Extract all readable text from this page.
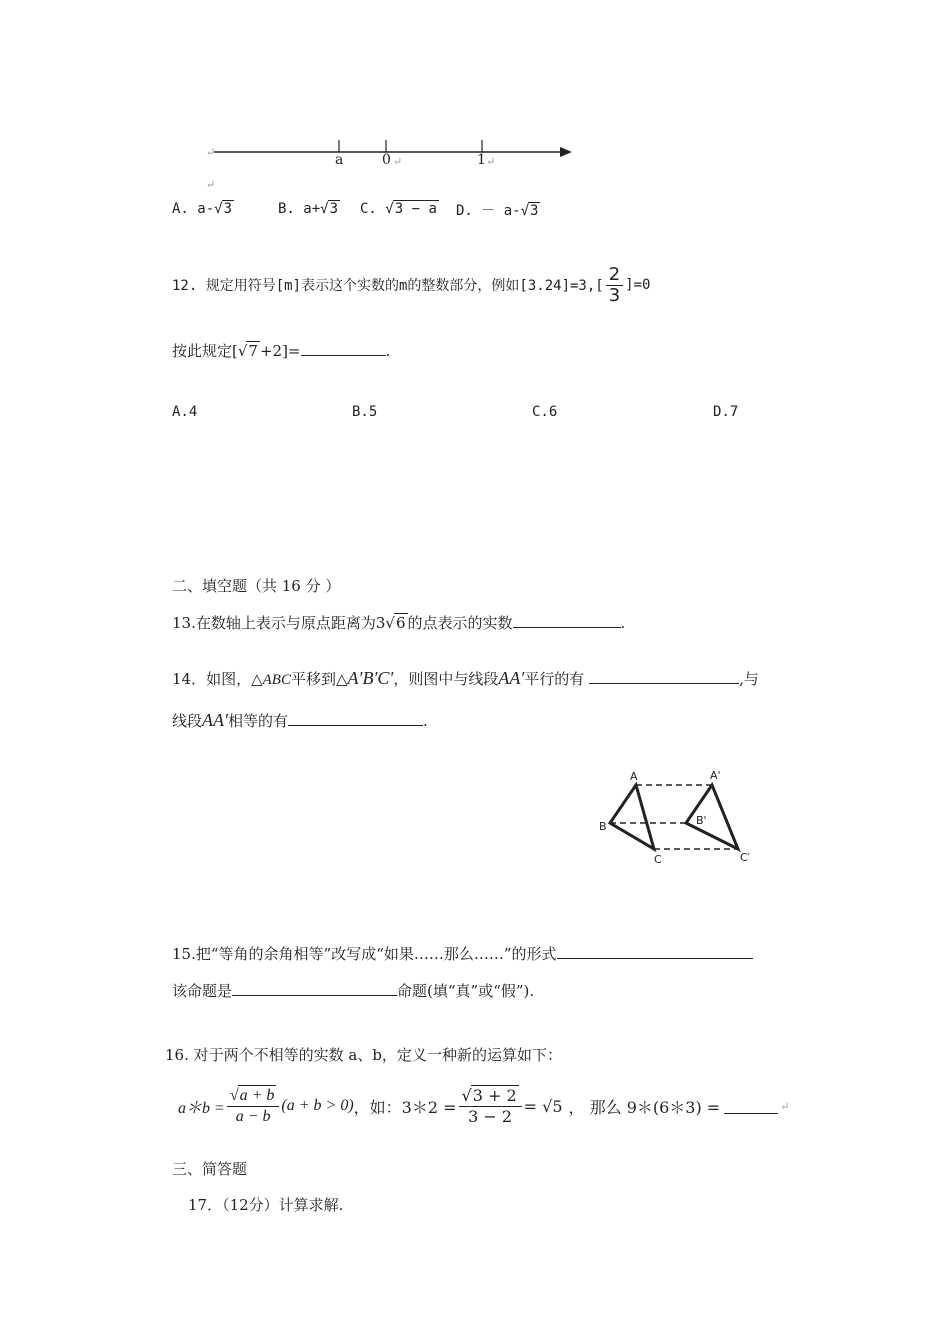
↵	a	0 ↵	1 ↵
↵
A. a-√3	B. a+√3 C. √3 − a D. － a-√3
12. 规定用符号[m]表示这个实数的m的整数部分，例如$[3.24]=3,[ \frac{2}{3} ]=0$
按此规定[√7 +2]=	.
A.4	B.5	C.6	D.7
二、填空题（共 16 分 ）
13.在数轴上表示与原点距离为3√6 的点表示的实数	.
14．如图，△ABC平移到△A′B′C′，则图中与线段AA′平行的有	,与
线段AA′相等的有	.
A
B
C
A'
B'
C′
15.把“等角的余角相等”改写成“如果……那么……”的形式
该命题是	命题(填“真”或“假”).
16. 对于两个不相等的实数 a、b，定义一种新的运算如下：
a＊b = $\frac{√a + b}{a - b} (a + b > 0)$ ，如：3＊2 = $\frac{√3 + 2}{3 - 2} = √5$ ， 那么 9＊(6＊3) =	↵
三、简答题
17．（12分）计算求解.
